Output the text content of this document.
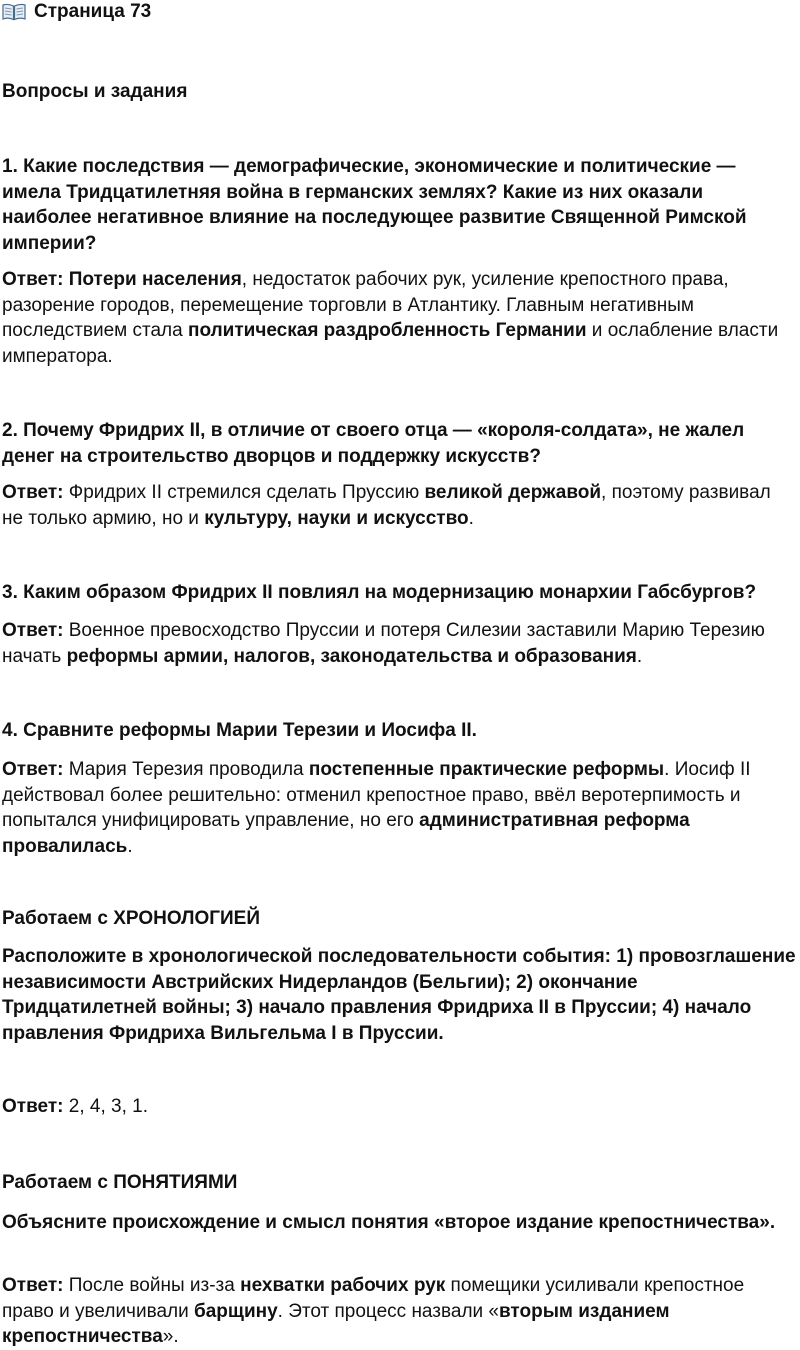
Страница 73

Вопросы и задания

1. Какие последствия — демографические, экономические и политические — имела Тридцатилетняя война в германских землях? Какие из них оказали наиболее негативное влияние на последующее развитие Священной Римской империи?

Ответ: Потери населения, недостаток рабочих рук, усиление крепостного права, разорение городов, перемещение торговли в Атлантику. Главным негативным последствием стала политическая раздробленность Германии и ослабление власти императора.

2. Почему Фридрих II, в отличие от своего отца — «короля-солдата», не жалел денег на строительство дворцов и поддержку искусств?

Ответ: Фридрих II стремился сделать Пруссию великой державой, поэтому развивал не только армию, но и культуру, науки и искусство.

3. Каким образом Фридрих II повлиял на модернизацию монархии Габсбургов?

Ответ: Военное превосходство Пруссии и потеря Силезии заставили Марию Терезию начать реформы армии, налогов, законодательства и образования.

4. Сравните реформы Марии Терезии и Иосифа II.

Ответ: Мария Терезия проводила постепенные практические реформы. Иосиф II действовал более решительно: отменил крепостное право, ввёл веротерпимость и попытался унифицировать управление, но его административная реформа провалилась.

Работаем с ХРОНОЛОГИЕЙ

Расположите в хронологической последовательности события: 1) провозглашение независимости Австрийских Нидерландов (Бельгии); 2) окончание Тридцатилетней войны; 3) начало правления Фридриха II в Пруссии; 4) начало правления Фридриха Вильгельма I в Пруссии.

Ответ: 2, 4, 3, 1.

Работаем с ПОНЯТИЯМИ

Объясните происхождение и смысл понятия «второе издание крепостничества».

Ответ: После войны из-за нехватки рабочих рук помещики усиливали крепостное право и увеличивали барщину. Этот процесс назвали «вторым изданием крепостничества».
